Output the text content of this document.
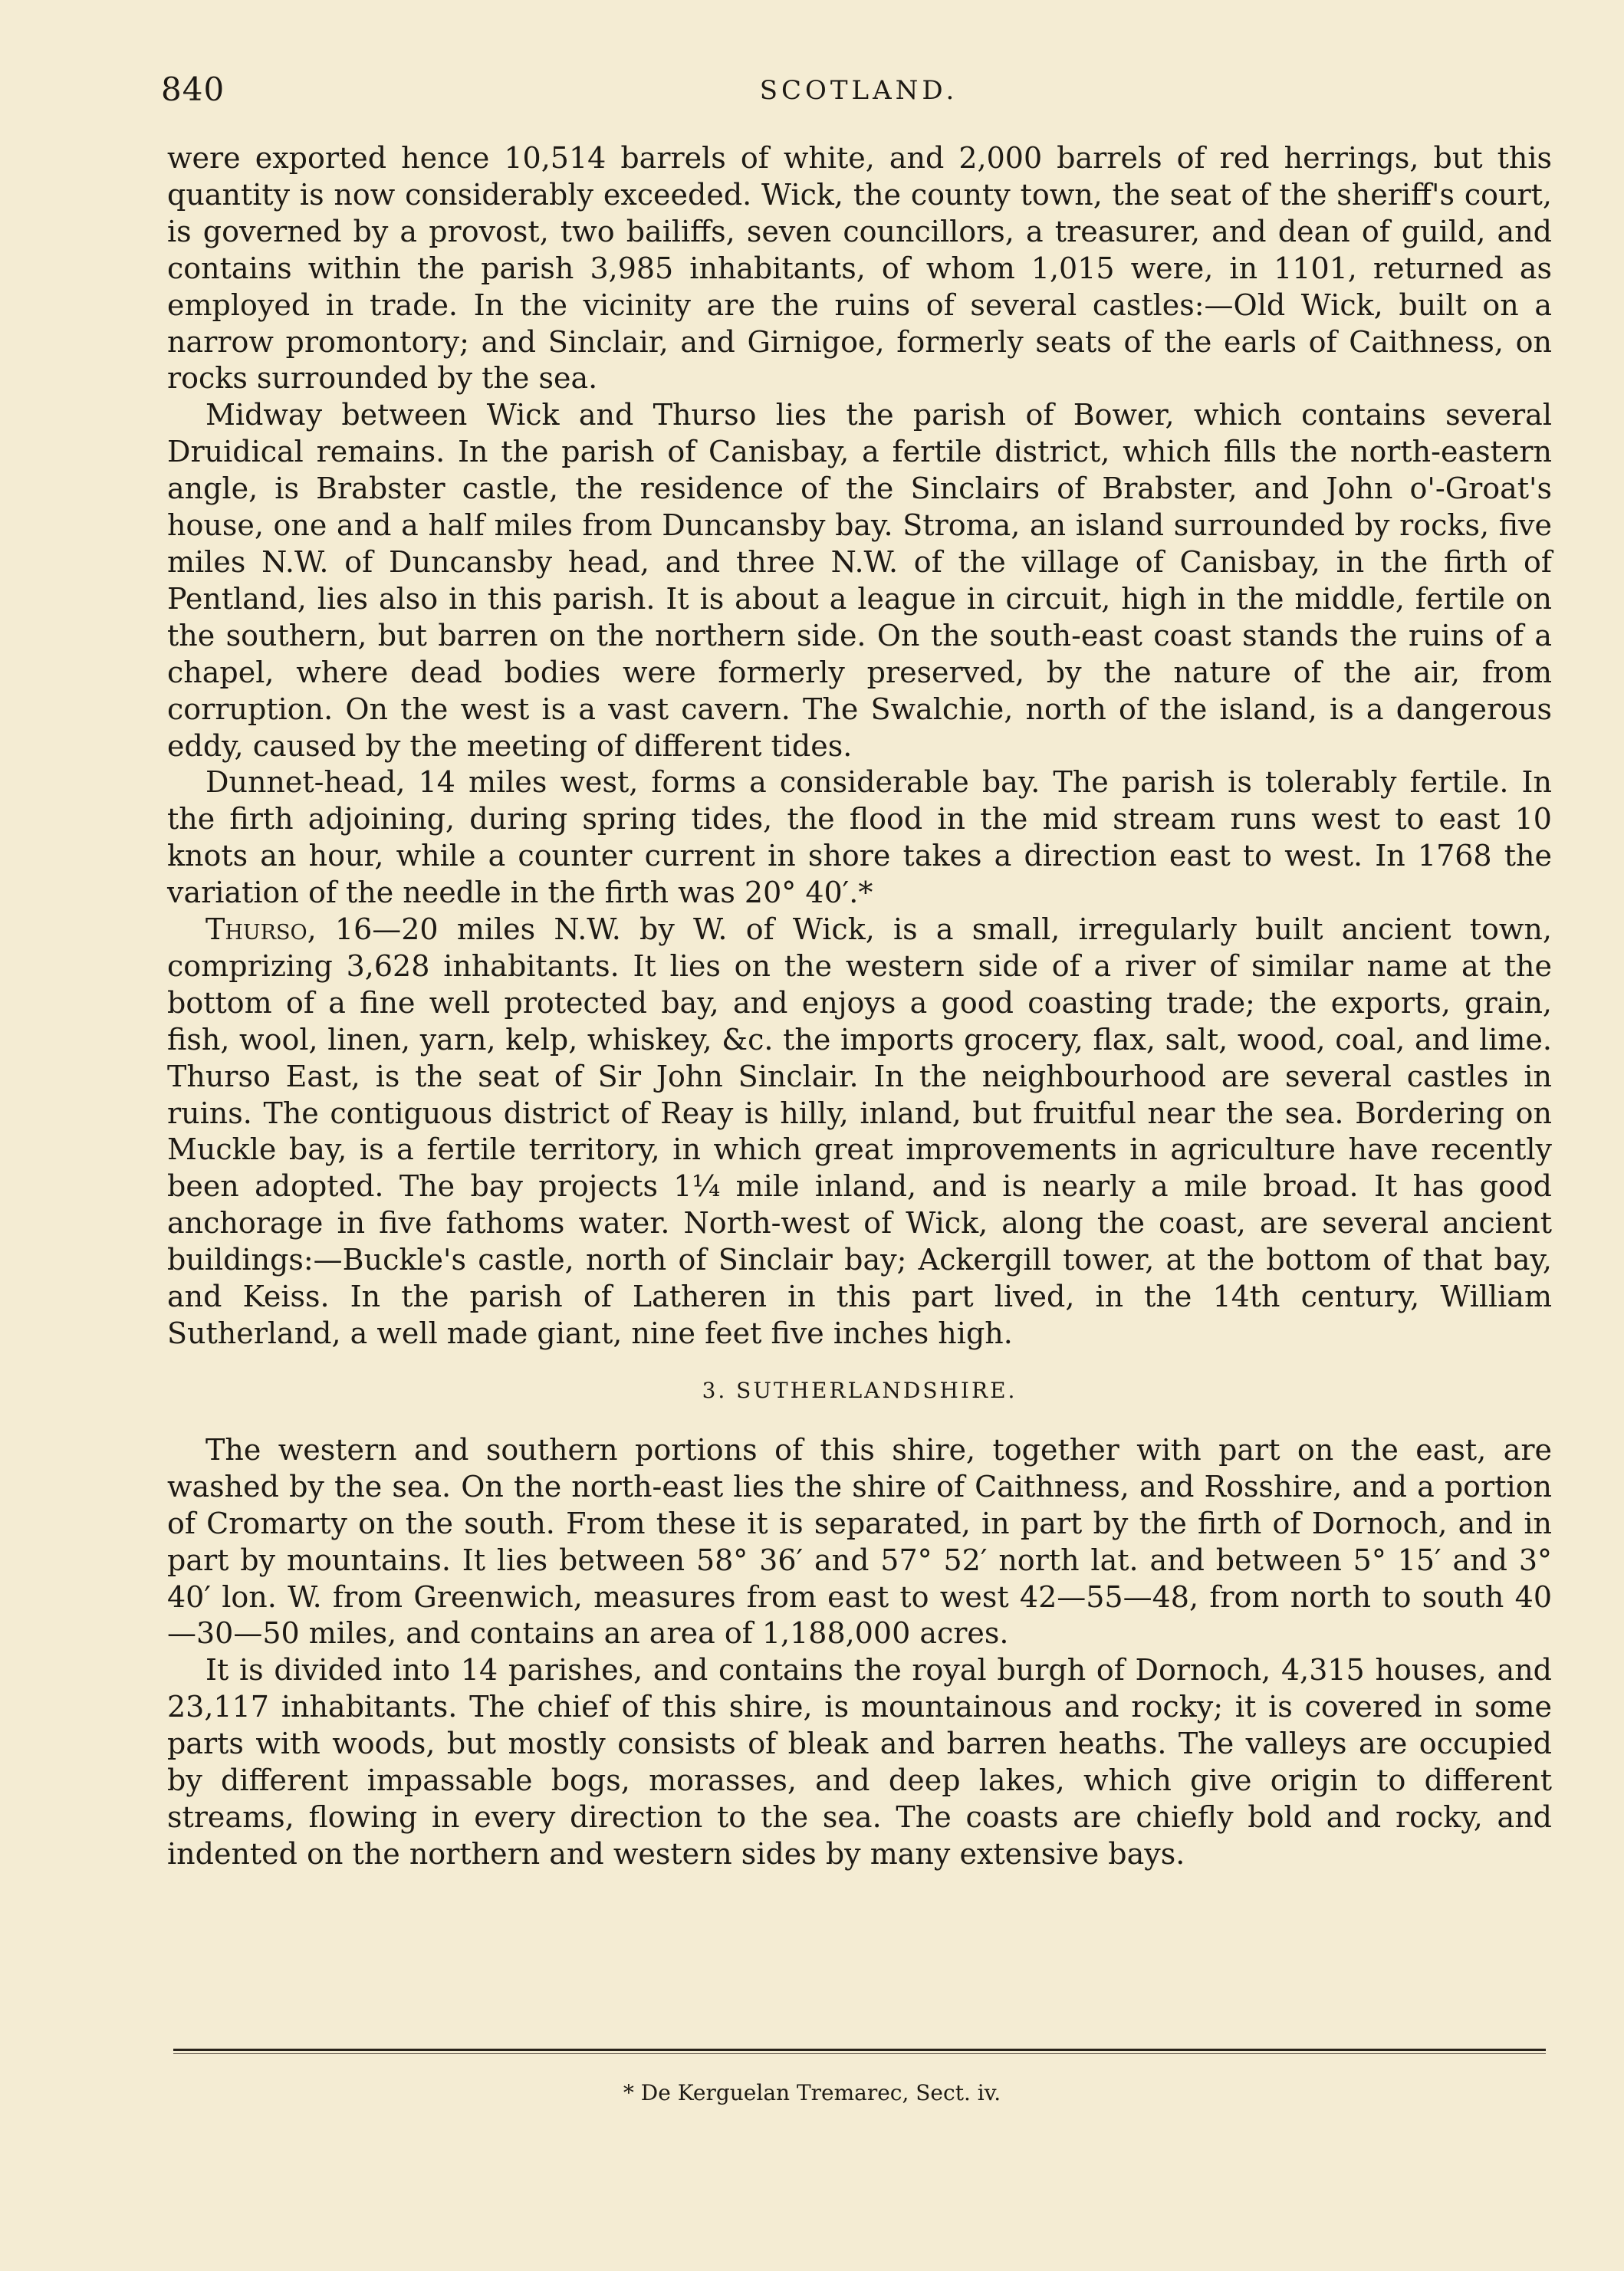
840	SCOTLAND.

were exported hence 10,514 barrels of white, and 2,000 barrels of red herrings, but this quantity is now considerably exceeded. Wick, the county town, the seat of the sheriff's court, is governed by a provost, two bailiffs, seven councillors, a treasurer, and dean of guild, and contains within the parish 3,985 inhabitants, of whom 1,015 were, in 1101, returned as employed in trade. In the vicinity are the ruins of several castles:—Old Wick, built on a narrow promontory; and Sinclair, and Girnigoe, formerly seats of the earls of Caithness, on rocks surrounded by the sea.

Midway between Wick and Thurso lies the parish of Bower, which contains several Druidical remains. In the parish of Canisbay, a fertile district, which fills the north-eastern angle, is Brabster castle, the residence of the Sinclairs of Brabster, and John o'-Groat's house, one and a half miles from Duncansby bay. Stroma, an island surrounded by rocks, five miles N.W. of Duncansby head, and three N.W. of the village of Canisbay, in the firth of Pentland, lies also in this parish. It is about a league in circuit, high in the middle, fertile on the southern, but barren on the northern side. On the south-east coast stands the ruins of a chapel, where dead bodies were formerly preserved, by the nature of the air, from corruption. On the west is a vast cavern. The Swalchie, north of the island, is a dangerous eddy, caused by the meeting of different tides.

Dunnet-head, 14 miles west, forms a considerable bay. The parish is tolerably fertile. In the firth adjoining, during spring tides, the flood in the mid stream runs west to east 10 knots an hour, while a counter current in shore takes a direction east to west. In 1768 the variation of the needle in the firth was 20° 40′.*

Thurso, 16—20 miles N.W. by W. of Wick, is a small, irregularly built ancient town, comprizing 3,628 inhabitants. It lies on the western side of a river of similar name at the bottom of a fine well protected bay, and enjoys a good coasting trade; the exports, grain, fish, wool, linen, yarn, kelp, whiskey, &c. the imports grocery, flax, salt, wood, coal, and lime. Thurso East, is the seat of Sir John Sinclair. In the neighbourhood are several castles in ruins. The contiguous district of Reay is hilly, inland, but fruitful near the sea. Bordering on Muckle bay, is a fertile territory, in which great improvements in agriculture have recently been adopted. The bay projects 1¼ mile inland, and is nearly a mile broad. It has good anchorage in five fathoms water. North-west of Wick, along the coast, are several ancient buildings:—Buckle's castle, north of Sinclair bay; Ackergill tower, at the bottom of that bay, and Keiss. In the parish of Latheren in this part lived, in the 14th century, William Sutherland, a well made giant, nine feet five inches high.

3. SUTHERLANDSHIRE.

The western and southern portions of this shire, together with part on the east, are washed by the sea. On the north-east lies the shire of Caithness, and Rosshire, and a portion of Cromarty on the south. From these it is separated, in part by the firth of Dornoch, and in part by mountains. It lies between 58° 36′ and 57° 52′ north lat. and between 5° 15′ and 3° 40′ lon. W. from Greenwich, measures from east to west 42—55—48, from north to south 40—30—50 miles, and contains an area of 1,188,000 acres.

It is divided into 14 parishes, and contains the royal burgh of Dornoch, 4,315 houses, and 23,117 inhabitants. The chief of this shire, is mountainous and rocky; it is covered in some parts with woods, but mostly consists of bleak and barren heaths. The valleys are occupied by different impassable bogs, morasses, and deep lakes, which give origin to different streams, flowing in every direction to the sea. The coasts are chiefly bold and rocky, and indented on the northern and western sides by many extensive bays.

* De Kerguelan Tremarec, Sect. iv.
